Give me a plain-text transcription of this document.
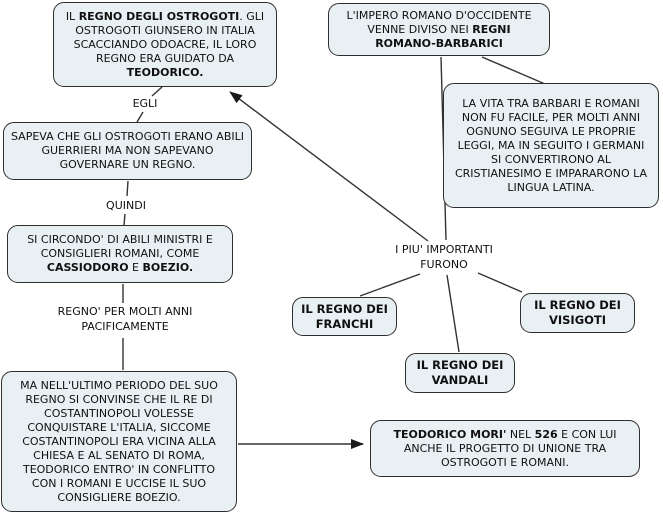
IL REGNO DEGLI OSTROGOTI. GLI OSTROGOTI GIUNSERO IN ITALIA SCACCIANDO ODOACRE, IL LORO REGNO ERA GUIDATO DA TEODORICO.

L'IMPERO ROMANO D'OCCIDENTE VENNE DIVISO NEI REGNI ROMANO-BARBARICI

LA VITA TRA BARBARI E ROMANI NON FU FACILE, PER MOLTI ANNI OGNUNO SEGUIVA LE PROPRIE LEGGI, MA IN SEGUITO I GERMANI SI CONVERTIRONO AL CRISTIANESIMO E IMPARARONO LA LINGUA LATINA.

SAPEVA CHE GLI OSTROGOTI ERANO ABILI GUERRIERI MA NON SAPEVANO GOVERNARE UN REGNO.

SI CIRCONDO' DI ABILI MINISTRI E CONSIGLIERI ROMANI, COME CASSIODORO E BOEZIO.

MA NELL'ULTIMO PERIODO DEL SUO REGNO SI CONVINSE CHE IL RE DI COSTANTINOPOLI VOLESSE CONQUISTARE L'ITALIA, SICCOME COSTANTINOPOLI ERA VICINA ALLA CHIESA E AL SENATO DI ROMA, TEODORICO ENTRO' IN CONFLITTO CON I ROMANI E UCCISE IL SUO CONSIGLIERE BOEZIO.

IL REGNO DEI FRANCHI

IL REGNO DEI VISIGOTI

IL REGNO DEI VANDALI

TEODORICO MORI' NEL 526 E CON LUI ANCHE IL PROGETTO DI UNIONE TRA OSTROGOTI E ROMANI.

EGLI
QUINDI
REGNO' PER MOLTI ANNI PACIFICAMENTE
I PIU' IMPORTANTI FURONO
